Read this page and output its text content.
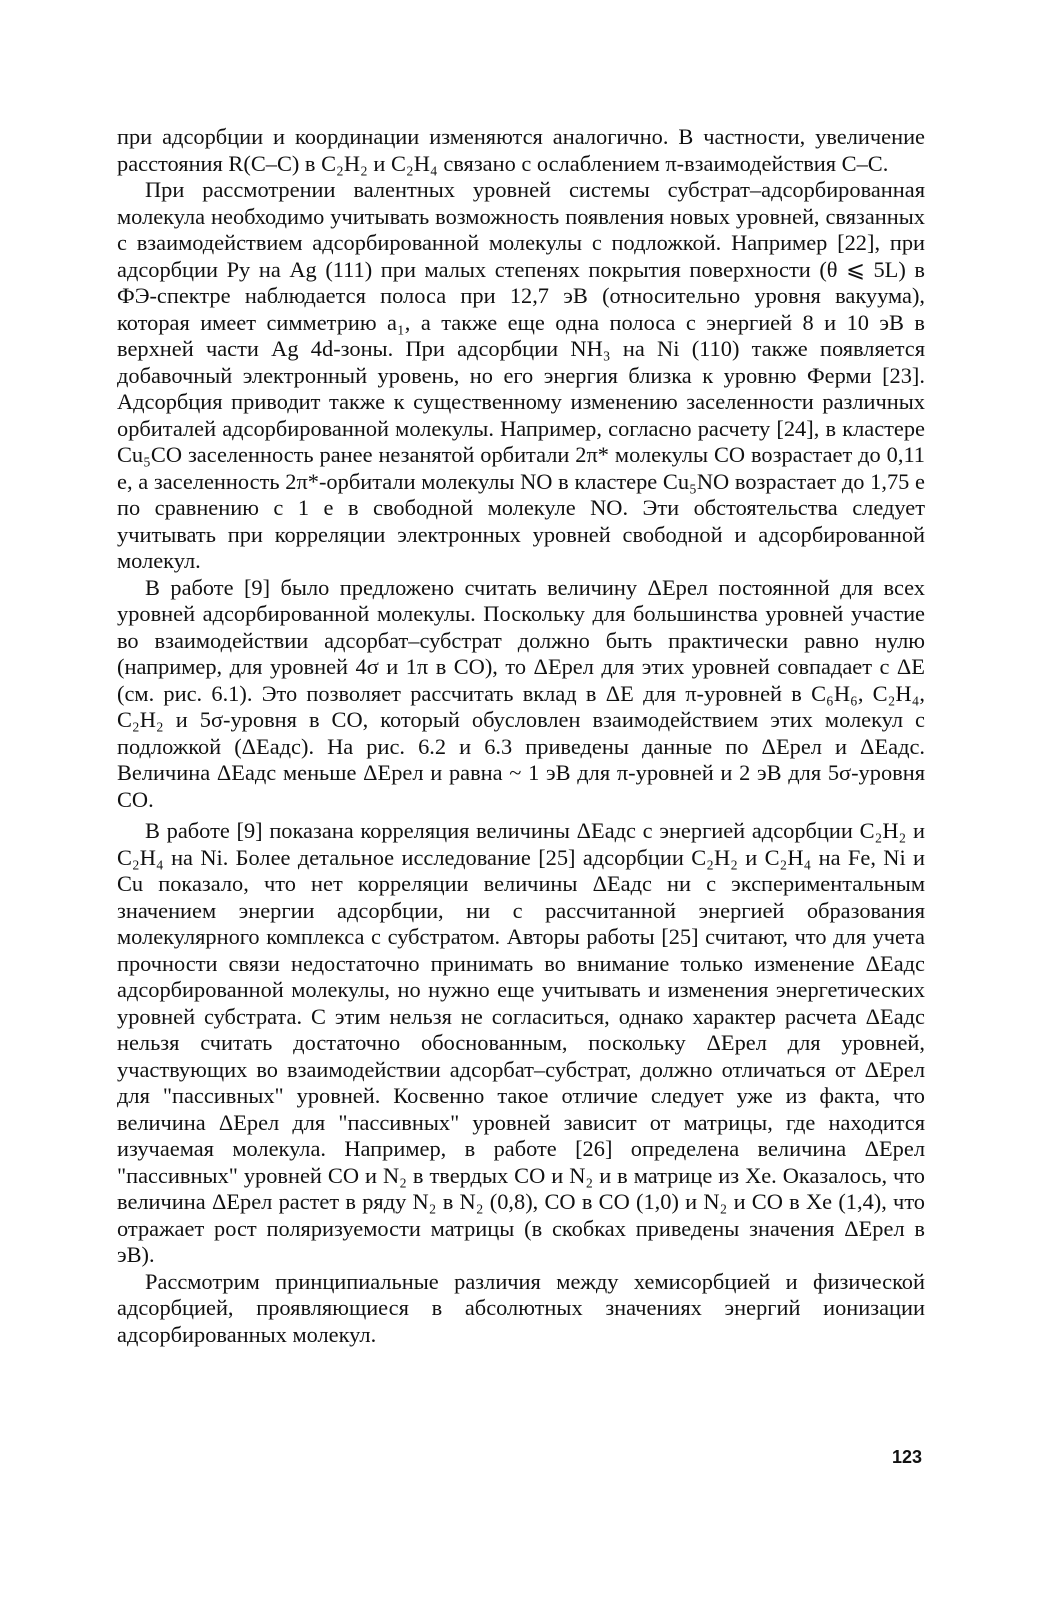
при адсорбции и координации изменяются аналогично. В частности, увеличение расстояния R(C–C) в C₂H₂ и C₂H₄ связано с ослаблением π-взаимодействия C–C.

При рассмотрении валентных уровней системы субстрат–адсорбированная молекула необходимо учитывать возможность появления новых уровней, связанных с взаимодействием адсорбированной молекулы с подложкой. Например [22], при адсорбции Py на Ag (111) при малых степенях покрытия поверхности (θ ⩽ 5L) в ФЭ-спектре наблюдается полоса при 12,7 эВ (относительно уровня вакуума), которая имеет симметрию a₁, а также еще одна полоса с энергией 8 и 10 эВ в верхней части Ag 4d-зоны. При адсорбции NH₃ на Ni (110) также появляется добавочный электронный уровень, но его энергия близка к уровню Ферми [23]. Адсорбция приводит также к существенному изменению заселенности различных орбиталей адсорбированной молекулы. Например, согласно расчету [24], в кластере Cu₅CO заселенность ранее незанятой орбитали 2π* молекулы CO возрастает до 0,11 e, а заселенность 2π*-орбитали молекулы NO в кластере Cu₅NO возрастает до 1,75 e по сравнению с 1 e в свободной молекуле NO. Эти обстоятельства следует учитывать при корреляции электронных уровней свободной и адсорбированной молекул.

В работе [9] было предложено считать величину ΔEрел постоянной для всех уровней адсорбированной молекулы. Поскольку для большинства уровней участие во взаимодействии адсорбат–субстрат должно быть практически равно нулю (например, для уровней 4σ и 1π в CO), то ΔEрел для этих уровней совпадает с ΔE (см. рис. 6.1). Это позволяет рассчитать вклад в ΔE для π-уровней в C₆H₆, C₂H₄, C₂H₂ и 5σ-уровня в CO, который обусловлен взаимодействием этих молекул с подложкой (ΔEадс). На рис. 6.2 и 6.3 приведены данные по ΔEрел и ΔEадс. Величина ΔEадс меньше ΔEрел и равна ~ 1 эВ для π-уровней и 2 эВ для 5σ-уровня CO.

В работе [9] показана корреляция величины ΔEадс с энергией адсорбции C₂H₂ и C₂H₄ на Ni. Более детальное исследование [25] адсорбции C₂H₂ и C₂H₄ на Fe, Ni и Cu показало, что нет корреляции величины ΔEадс ни с экспериментальным значением энергии адсорбции, ни с рассчитанной энергией образования молекулярного комплекса с субстратом. Авторы работы [25] считают, что для учета прочности связи недостаточно принимать во внимание только изменение ΔEадс адсорбированной молекулы, но нужно еще учитывать и изменения энергетических уровней субстрата. С этим нельзя не согласиться, однако характер расчета ΔEадс нельзя считать достаточно обоснованным, поскольку ΔEрел для уровней, участвующих во взаимодействии адсорбат–субстрат, должно отличаться от ΔEрел для "пассивных" уровней. Косвенно такое отличие следует уже из факта, что величина ΔEрел для "пассивных" уровней зависит от матрицы, где находится изучаемая молекула. Например, в работе [26] определена величина ΔEрел "пассивных" уровней CO и N₂ в твердых CO и N₂ и в матрице из Xe. Оказалось, что величина ΔEрел растет в ряду N₂ в N₂ (0,8), CO в CO (1,0) и N₂ и CO в Xe (1,4), что отражает рост поляризуемости матрицы (в скобках приведены значения ΔEрел в эВ).

Рассмотрим принципиальные различия между хемисорбцией и физической адсорбцией, проявляющиеся в абсолютных значениях энергий ионизации адсорбированных молекул.

123
